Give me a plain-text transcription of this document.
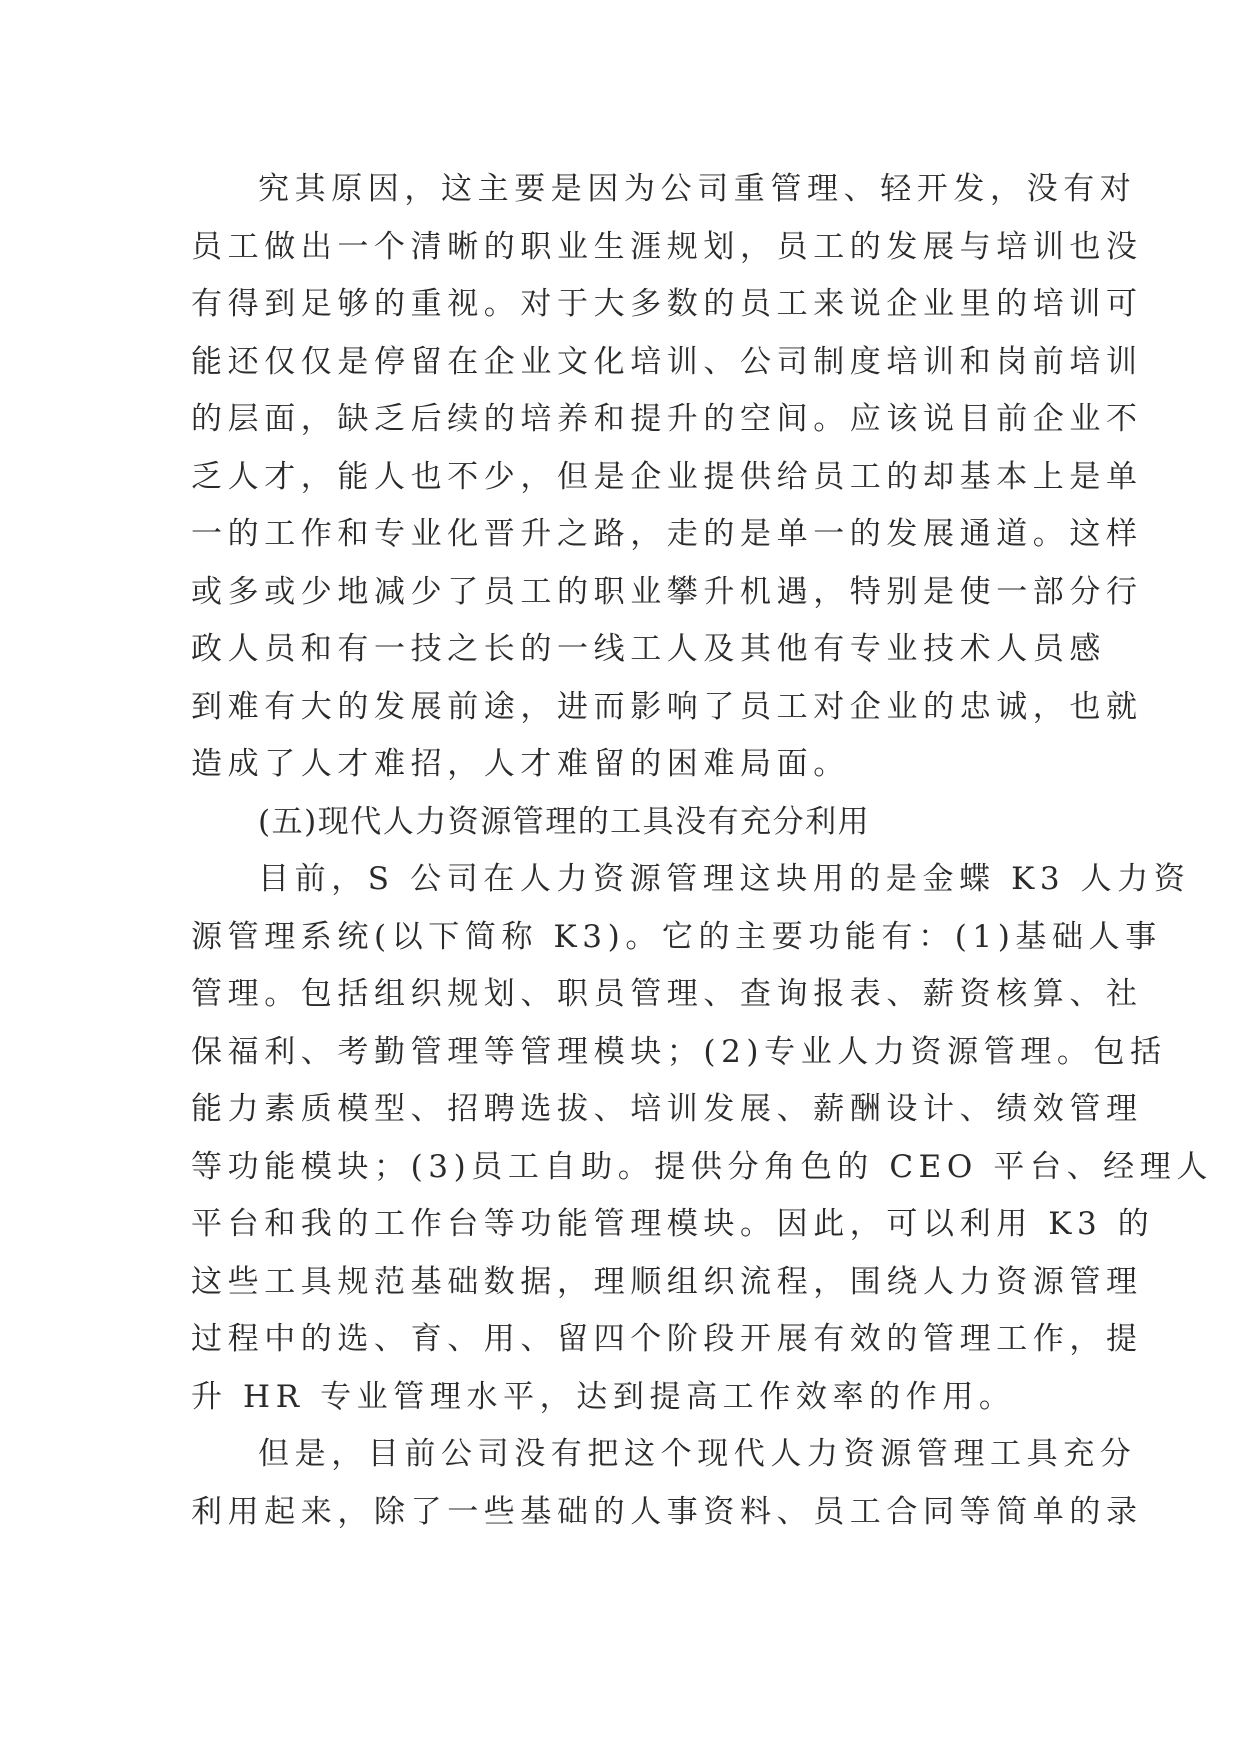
究其原因，这主要是因为公司重管理、轻开发，没有对
员工做出一个清晰的职业生涯规划，员工的发展与培训也没
有得到足够的重视。对于大多数的员工来说企业里的培训可
能还仅仅是停留在企业文化培训、公司制度培训和岗前培训
的层面，缺乏后续的培养和提升的空间。应该说目前企业不
乏人才，能人也不少，但是企业提供给员工的却基本上是单
一的工作和专业化晋升之路，走的是单一的发展通道。这样
或多或少地减少了员工的职业攀升机遇，特别是使一部分行
政人员和有一技之长的一线工人及其他有专业技术人员感
到难有大的发展前途，进而影响了员工对企业的忠诚，也就
造成了人才难招，人才难留的困难局面。
(五)现代人力资源管理的工具没有充分利用
目前，S 公司在人力资源管理这块用的是金蝶 K3 人力资
源管理系统(以下简称 K3)。它的主要功能有：(1)基础人事
管理。包括组织规划、职员管理、查询报表、薪资核算、社
保福利、考勤管理等管理模块；(2)专业人力资源管理。包括
能力素质模型、招聘选拔、培训发展、薪酬设计、绩效管理
等功能模块；(3)员工自助。提供分角色的 CEO 平台、经理人
平台和我的工作台等功能管理模块。因此，可以利用 K3 的
这些工具规范基础数据，理顺组织流程，围绕人力资源管理
过程中的选、育、用、留四个阶段开展有效的管理工作，提
升 HR 专业管理水平，达到提高工作效率的作用。
但是，目前公司没有把这个现代人力资源管理工具充分
利用起来，除了一些基础的人事资料、员工合同等简单的录
